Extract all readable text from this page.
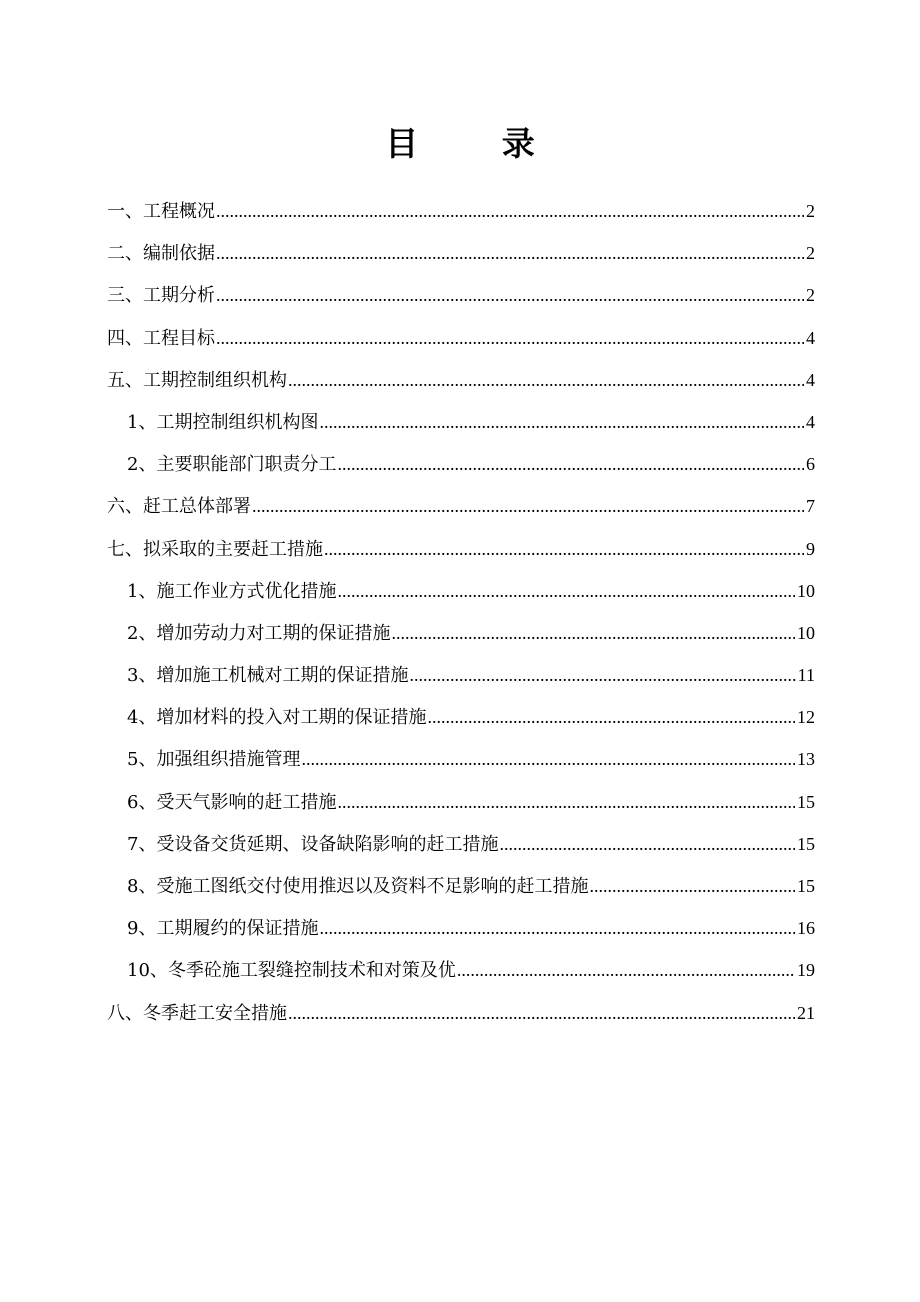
目 录
一、工程概况 .....	2
二、编制依据 .....	2
三、工期分析 .....	2
四、工程目标 .....	4
五、工期控制组织机构 .....	4
1、工期控制组织机构图 .....	4
2、主要职能部门职责分工 .....	6
六、赶工总体部署 .....	7
七、拟采取的主要赶工措施 .....	9
1、施工作业方式优化措施 .....	10
2、增加劳动力对工期的保证措施 .....	10
3、增加施工机械对工期的保证措施 .....	11
4、增加材料的投入对工期的保证措施 .....	12
5、加强组织措施管理 .....	13
6、受天气影响的赶工措施 .....	15
7、受设备交货延期、设备缺陷影响的赶工措施 .....	15
8、受施工图纸交付使用推迟以及资料不足影响的赶工措施 .....	15
9、工期履约的保证措施 .....	16
10、冬季砼施工裂缝控制技术和对策及优 .....	19
八、冬季赶工安全措施 .....	21
